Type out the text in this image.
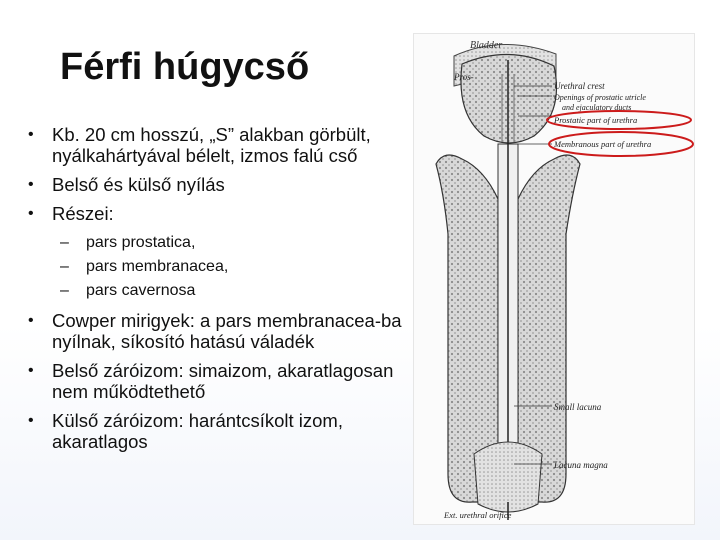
Férfi húgycső
• Kb. 20 cm hosszú, „S” alakban görbült, nyálkahártyával bélelt, izmos falú cső
• Belső és külső nyílás
• Részei:
– pars prostatica,
– pars membranacea,
– pars cavernosa
• Cowper mirigyek: a pars membranacea-ba nyílnak, síkosító hatású váladék
• Belső záróizom: simaizom, akaratlagosan nem működtethető
• Külső záróizom: harántcsíkolt izom, akaratlagos
Bladder
Pros-
Urethral crest
Openings of prostatic utricle
and ejaculatory ducts
Prostatic part of urethra
Membranous part of urethra
Small lacuna
Lacuna magna
Ext. urethral orifice
